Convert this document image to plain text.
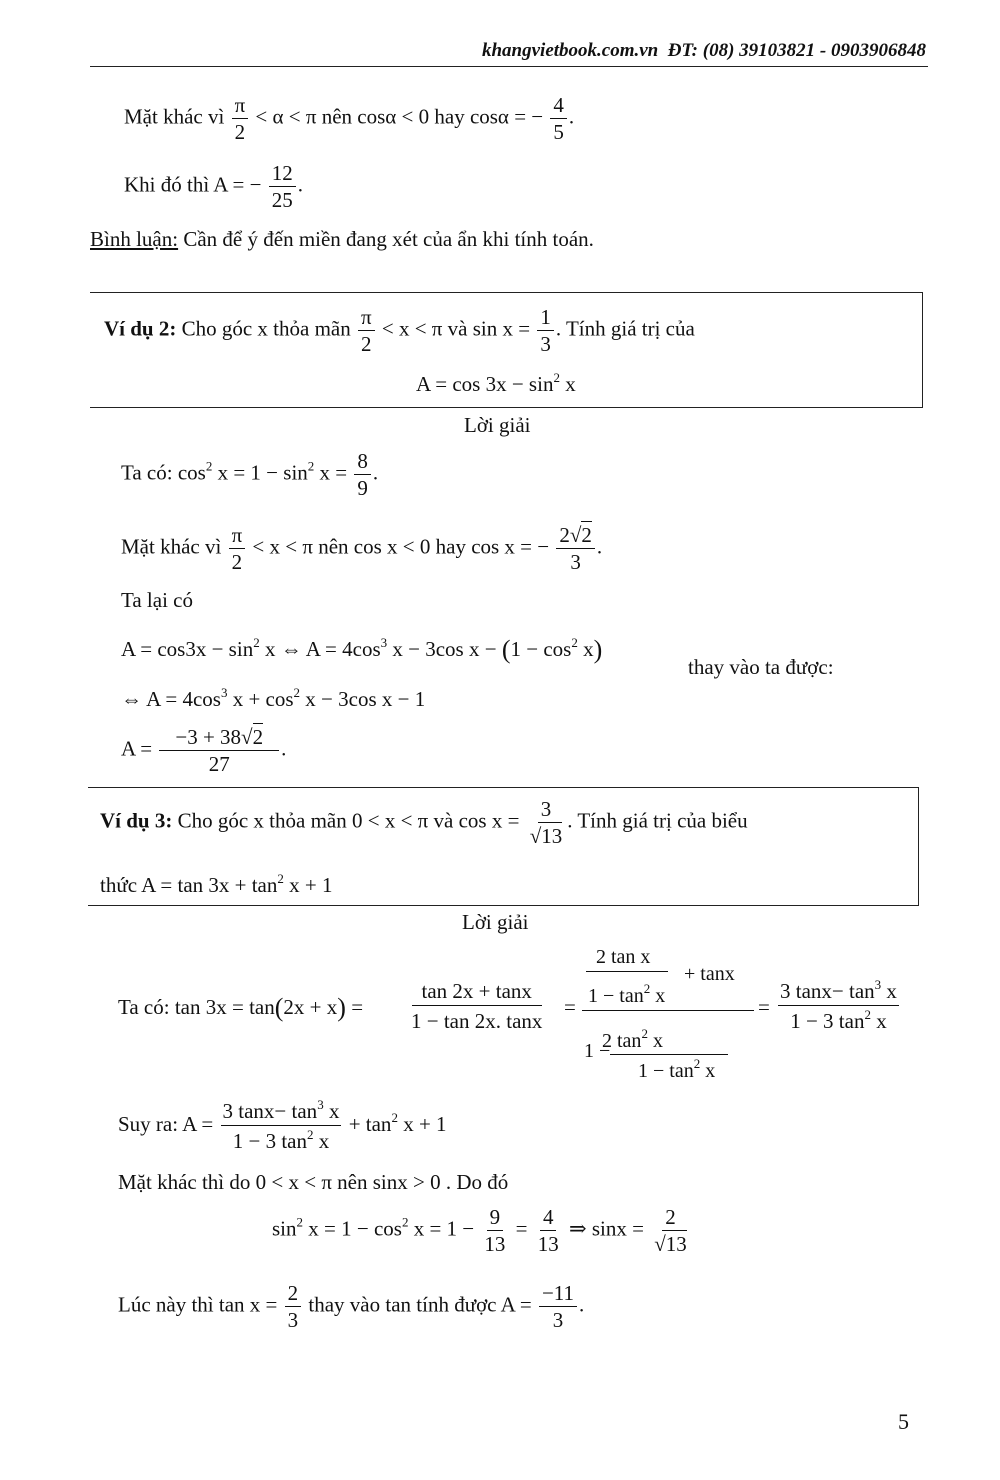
khangvietbook.com.vn ĐT: (08) 39103821 - 0903906848
Mặt khác vì $\frac{\pi}{2} < \alpha < \pi$ nên cosα < 0 hay cosα = − $\frac{4}{5}$ .
Khi đó thì A = − $\frac{12}{25}$ .
Bình luận: Cần để ý đến miền đang xét của ẩn khi tính toán.
Ví dụ 2: Cho góc x thỏa mãn $\frac{\pi}{2} < x < \pi$ và $\sin x = \frac{1}{3}$ . Tính giá trị của
$A = \cos 3x - \sin^2 x$
Lời giải
Ta có: $\cos^2 x = 1 - \sin^2 x = \frac{8}{9}$ .
Mặt khác vì $\frac{\pi}{2} < x < \pi$ nên cos x < 0 hay cos x = − $\frac{2√2}{3}$ .
Ta lại có
$A = \cos 3x - \sin^2 x$ ⇔ $A = 4\cos^3$ x − 3cos $x - (1 - \cos^2 x)$
thay vào ta được:
⇔ $A = 4\cos^3$ $x + \cos^2 x - 3\cos$ x − 1
$A = \frac{-3 + 38√2}{27}$ .
Ví dụ 3: Cho góc x thỏa mãn 0 < x < π và $\cos x = \frac{3}{√13}$ . Tính giá trị của biểu
thức $A = \tan 3x + \tan^2 x + 1$
Lời giải
Ta có: $\tan 3x = \tan(2x + x) = \frac{\tan 2x + \tan x}{1 - \tan 2x. \tan x}$ =
2 tan x
$1 - \tan^2 x$
+ tanx
2 $\tan^2 x$
1 −
$1 - \tan^2 x$
= $\frac{3 \tan x- \tan^3 x}{1 - 3 \tan^2 x}$
Suy ra: $A = \frac{3 \tan x- \tan^3 x}{1 - 3 \tan^2 x} + \tan^2 x + 1$
Mặt khác thì do 0 < x < π nên sinx > 0 . Do đó
$\sin^2 x = 1 - \cos^2 x = 1 - \frac{9}{13} = \frac{4}{13}$ ⇒ $\sin x = \frac{2}{√13}$
Lúc này thì $\tan x = \frac{2}{3}$ thay vào tan tính được $A = \frac{-11}{3}$ .
5
